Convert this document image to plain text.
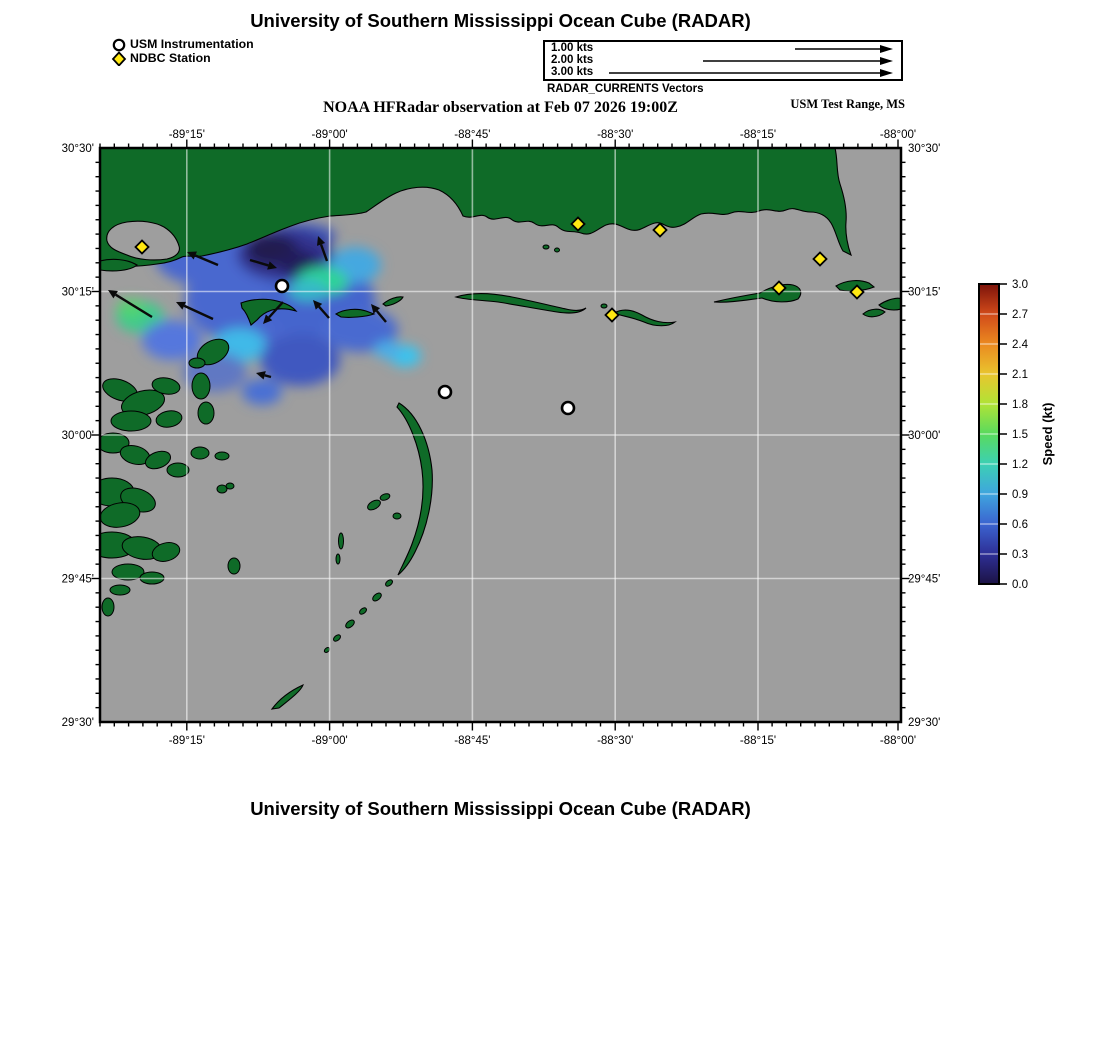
University of Southern Mississippi Ocean Cube (RADAR)
USM Instrumentation
NDBC Station
1.00 kts
2.00 kts
3.00 kts
RADAR_CURRENTS Vectors
NOAA HFRadar observation at Feb 07 2026 19:00Z	USM Test Range, MS
-89°15'
-89°15'
-89°00'
-89°00'
-88°45'
-88°45'
-88°30'
-88°30'
-88°15'
-88°15'
-88°00'
-88°00'
30°30'	30°30'
30°15'	30°15'
30°00'	30°00'
29°45'	29°45'
29°30'	29°30'
0.0
0.3
0.6
0.9
1.2
1.5
1.8
2.1
2.4
2.7
3.0
Speed (kt)
University of Southern Mississippi Ocean Cube (RADAR)
